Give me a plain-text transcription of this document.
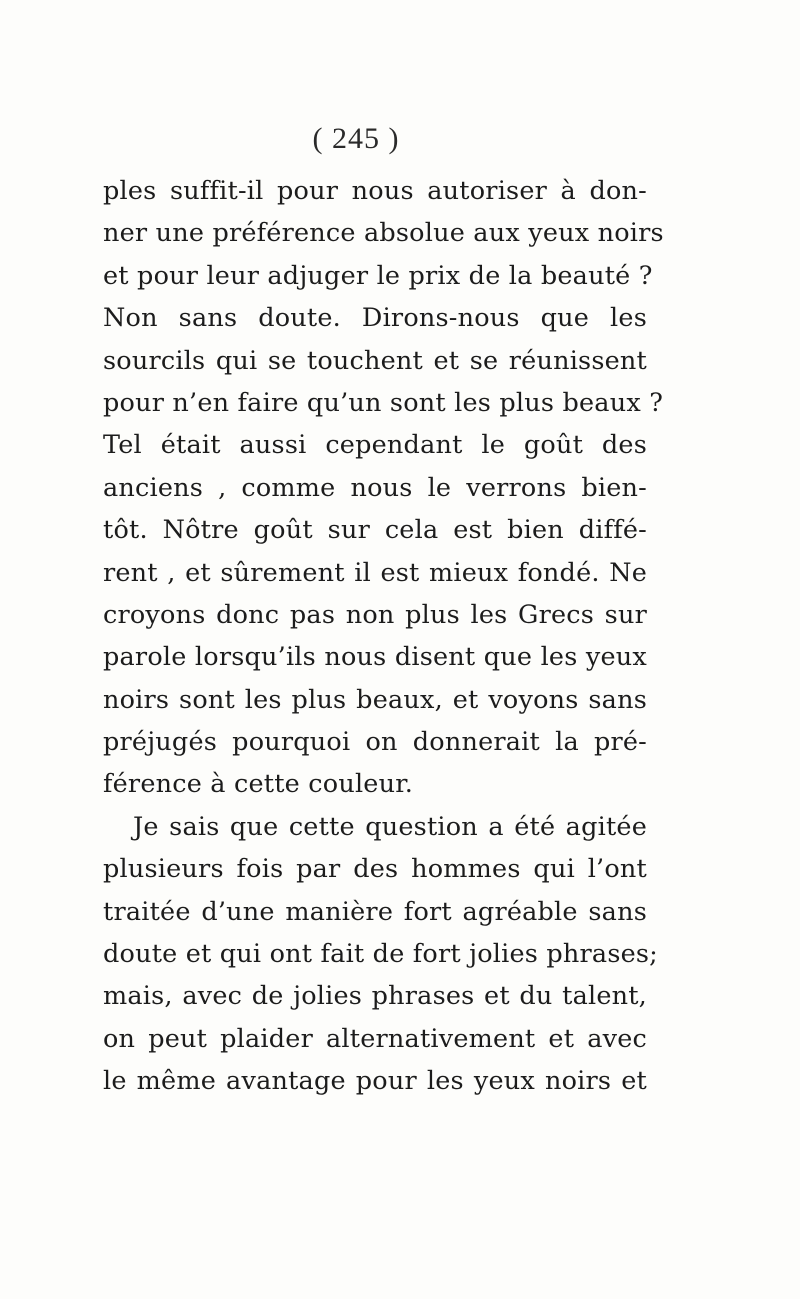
( 245 )
ples suffit-il pour nous autoriser à don-
ner une préférence absolue aux yeux noirs
et pour leur adjuger le prix de la beauté ?
Non sans doute. Dirons-nous que les
sourcils qui se touchent et se réunissent
pour n’en faire qu’un sont les plus beaux ?
Tel était aussi cependant le goût des
anciens , comme nous le verrons bien-
tôt. Nôtre goût sur cela est bien diffé-
rent , et sûrement il est mieux fondé. Ne
croyons donc pas non plus les Grecs sur
parole lorsqu’ils nous disent que les yeux
noirs sont les plus beaux, et voyons sans
préjugés pourquoi on donnerait la pré-
férence à cette couleur.
Je sais que cette question a été agitée
plusieurs fois par des hommes qui l’ont
traitée d’une manière fort agréable sans
doute et qui ont fait de fort jolies phrases;
mais, avec de jolies phrases et du talent,
on peut plaider alternativement et avec
le même avantage pour les yeux noirs et
